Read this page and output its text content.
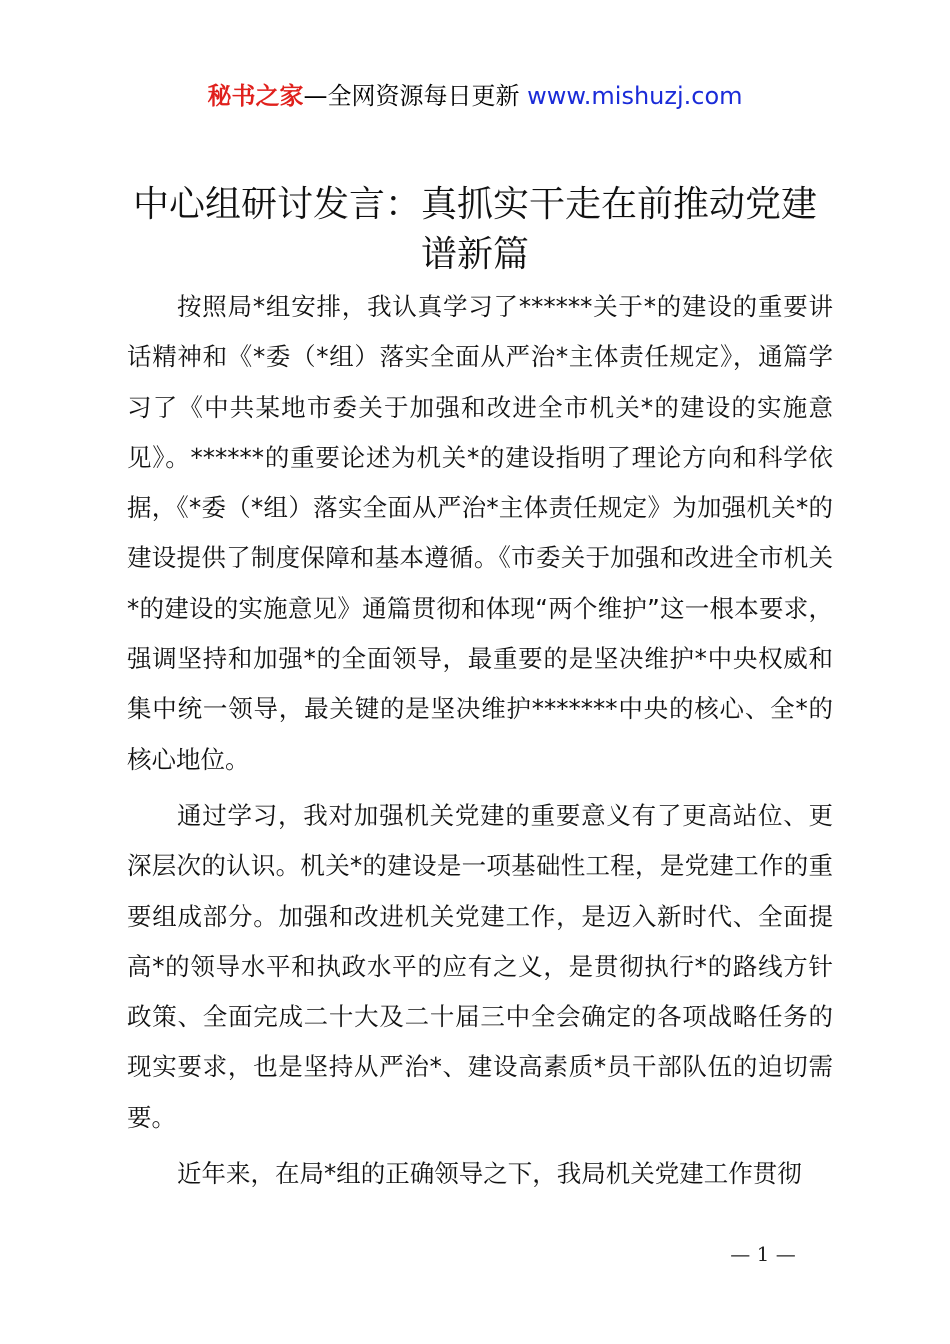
秘书之家—全网资源每日更新 www.mishuzj.com
中心组研讨发言：真抓实干走在前推动党建谱新篇

按照局*组安排，我认真学习了******关于*的建设的重要讲话精神和《*委（*组）落实全面从严治*主体责任规定》，通篇学习了《中共某地市委关于加强和改进全市机关*的建设的实施意见》。******的重要论述为机关*的建设指明了理论方向和科学依据，《*委（*组）落实全面从严治*主体责任规定》为加强机关*的建设提供了制度保障和基本遵循。《市委关于加强和改进全市机关*的建设的实施意见》通篇贯彻和体现“两个维护”这一根本要求，强调坚持和加强*的全面领导，最重要的是坚决维护*中央权威和集中统一领导，最关键的是坚决维护*******中央的核心、全*的核心地位。

通过学习，我对加强机关党建的重要意义有了更高站位、更深层次的认识。机关*的建设是一项基础性工程，是党建工作的重要组成部分。加强和改进机关党建工作，是迈入新时代、全面提高*的领导水平和执政水平的应有之义，是贯彻执行*的路线方针政策、全面完成二十大及二十届三中全会确定的各项战略任务的现实要求，也是坚持从严治*、建设高素质*员干部队伍的迫切需要。

近年来，在局*组的正确领导之下，我局机关党建工作贯彻

— 1 —
